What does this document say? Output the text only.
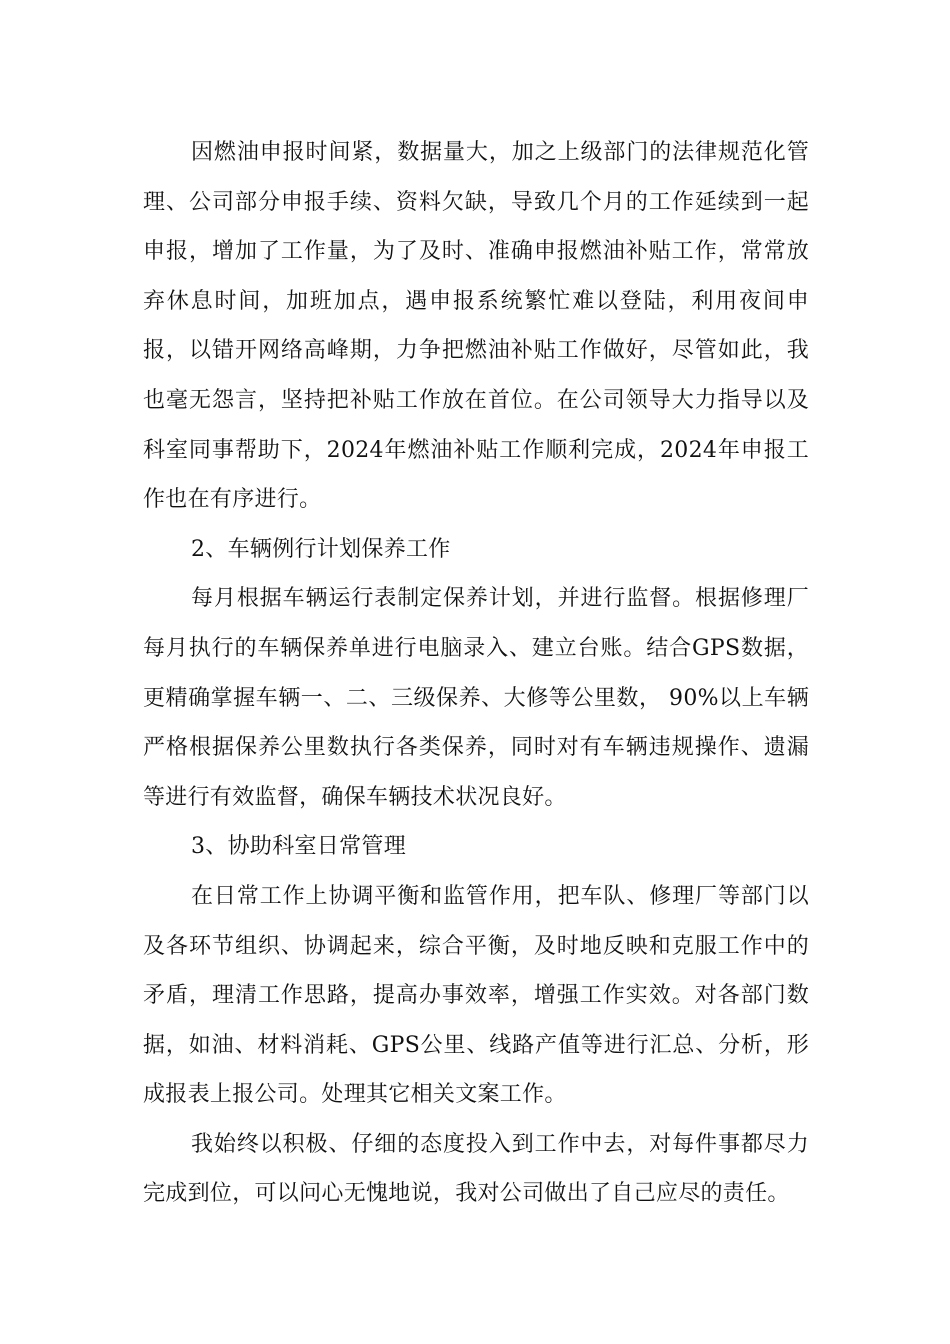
因燃油申报时间紧，数据量大，加之上级部门的法律规范化管理、公司部分申报手续、资料欠缺，导致几个月的工作延续到一起申报，增加了工作量，为了及时、准确申报燃油补贴工作，常常放弃休息时间，加班加点，遇申报系统繁忙难以登陆，利用夜间申报，以错开网络高峰期，力争把燃油补贴工作做好，尽管如此，我也毫无怨言，坚持把补贴工作放在首位。在公司领导大力指导以及科室同事帮助下，2024年燃油补贴工作顺利完成，2024年申报工作也在有序进行。

2、车辆例行计划保养工作

每月根据车辆运行表制定保养计划，并进行监督。根据修理厂每月执行的车辆保养单进行电脑录入、建立台账。结合GPS数据，更精确掌握车辆一、二、三级保养、大修等公里数， 90%以上车辆严格根据保养公里数执行各类保养，同时对有车辆违规操作、遗漏等进行有效监督，确保车辆技术状况良好。

3、协助科室日常管理

在日常工作上协调平衡和监管作用，把车队、修理厂等部门以及各环节组织、协调起来，综合平衡，及时地反映和克服工作中的矛盾，理清工作思路，提高办事效率，增强工作实效。对各部门数据，如油、材料消耗、GPS公里、线路产值等进行汇总、分析，形成报表上报公司。处理其它相关文案工作。

我始终以积极、仔细的态度投入到工作中去，对每件事都尽力完成到位，可以问心无愧地说，我对公司做出了自己应尽的责任。
